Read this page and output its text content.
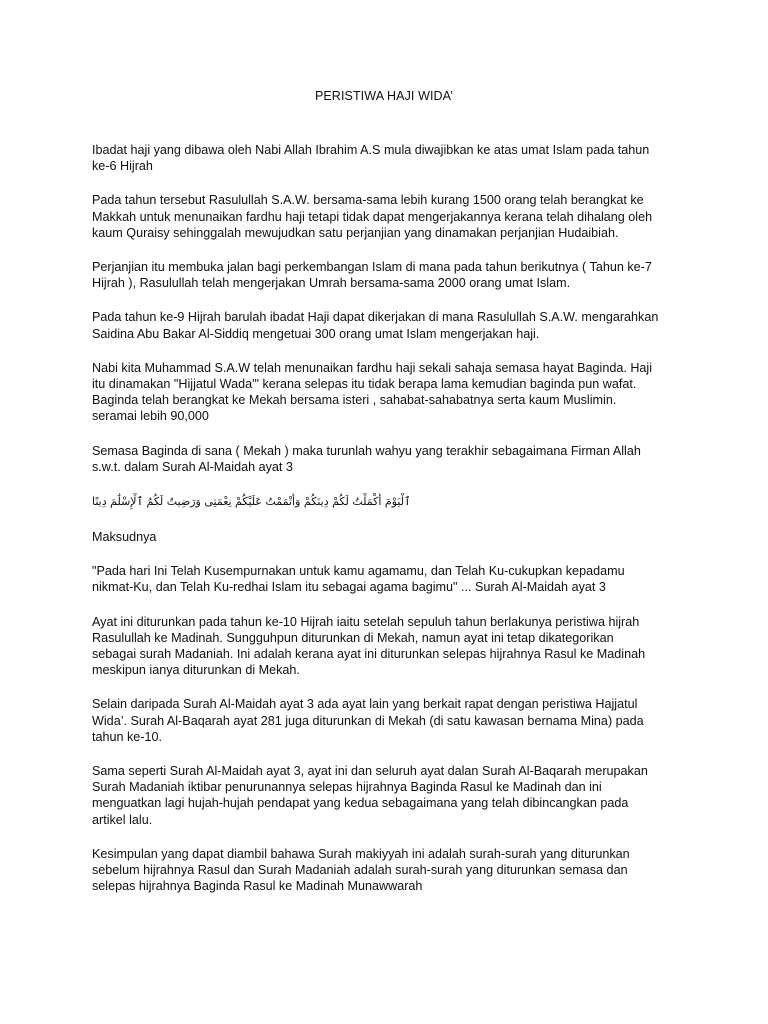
PERISTIWA HAJI WIDA’

Ibadat haji yang dibawa oleh Nabi Allah Ibrahim A.S mula diwajibkan ke atas umat Islam pada tahun
ke-6 Hijrah

Pada tahun tersebut Rasulullah S.A.W. bersama-sama lebih kurang 1500 orang telah berangkat ke
Makkah untuk menunaikan fardhu haji tetapi tidak dapat mengerjakannya kerana telah dihalang oleh
kaum Quraisy sehinggalah mewujudkan satu perjanjian yang dinamakan perjanjian Hudaibiah.

Perjanjian itu membuka jalan bagi perkembangan Islam di mana pada tahun berikutnya ( Tahun ke-7
Hijrah ), Rasulullah telah mengerjakan Umrah bersama-sama 2000 orang umat Islam.

Pada tahun ke-9 Hijrah barulah ibadat Haji dapat dikerjakan di mana Rasulullah S.A.W. mengarahkan
Saidina Abu Bakar Al-Siddiq mengetuai 300 orang umat Islam mengerjakan haji.

Nabi kita Muhammad S.A.W telah menunaikan fardhu haji sekali sahaja semasa hayat Baginda. Haji
itu dinamakan "Hijjatul Wada'" kerana selepas itu tidak berapa lama kemudian baginda pun wafat.
Baginda telah berangkat ke Mekah bersama isteri , sahabat-sahabatnya serta kaum Muslimin.
seramai lebih 90,000

Semasa Baginda di sana ( Mekah ) maka turunlah wahyu yang terakhir sebagaimana Firman Allah
s.w.t. dalam Surah Al-Maidah ayat 3

ٱلْيَوْمَ أَكْمَلْتُ لَكُمْ دِينَكُمْ وَأَتْمَمْتُ عَلَيْكُمْ نِعْمَتِى وَرَضِيتُ لَكُمُ ٱلْإِسْلَٰمَ دِينًا

Maksudnya

"Pada hari Ini Telah Kusempurnakan untuk kamu agamamu, dan Telah Ku-cukupkan kepadamu
nikmat-Ku, dan Telah Ku-redhai Islam itu sebagai agama bagimu" ... Surah Al-Maidah ayat 3

Ayat ini diturunkan pada tahun ke-10 Hijrah iaitu setelah sepuluh tahun berlakunya peristiwa hijrah
Rasulullah ke Madinah. Sungguhpun diturunkan di Mekah, namun ayat ini tetap dikategorikan
sebagai surah Madaniah. Ini adalah kerana ayat ini diturunkan selepas hijrahnya Rasul ke Madinah
meskipun ianya diturunkan di Mekah.

Selain daripada Surah Al-Maidah ayat 3 ada ayat lain yang berkait rapat dengan peristiwa Hajjatul
Wida’. Surah Al-Baqarah ayat 281 juga diturunkan di Mekah (di satu kawasan bernama Mina) pada
tahun ke-10.

Sama seperti Surah Al-Maidah ayat 3, ayat ini dan seluruh ayat dalan Surah Al-Baqarah merupakan
Surah Madaniah iktibar penurunannya selepas hijrahnya Baginda Rasul ke Madinah dan ini
menguatkan lagi hujah-hujah pendapat yang kedua sebagaimana yang telah dibincangkan pada
artikel lalu.

Kesimpulan yang dapat diambil bahawa Surah makiyyah ini adalah surah-surah yang diturunkan
sebelum hijrahnya Rasul dan Surah Madaniah adalah surah-surah yang diturunkan semasa dan
selepas hijrahnya Baginda Rasul ke Madinah Munawwarah
